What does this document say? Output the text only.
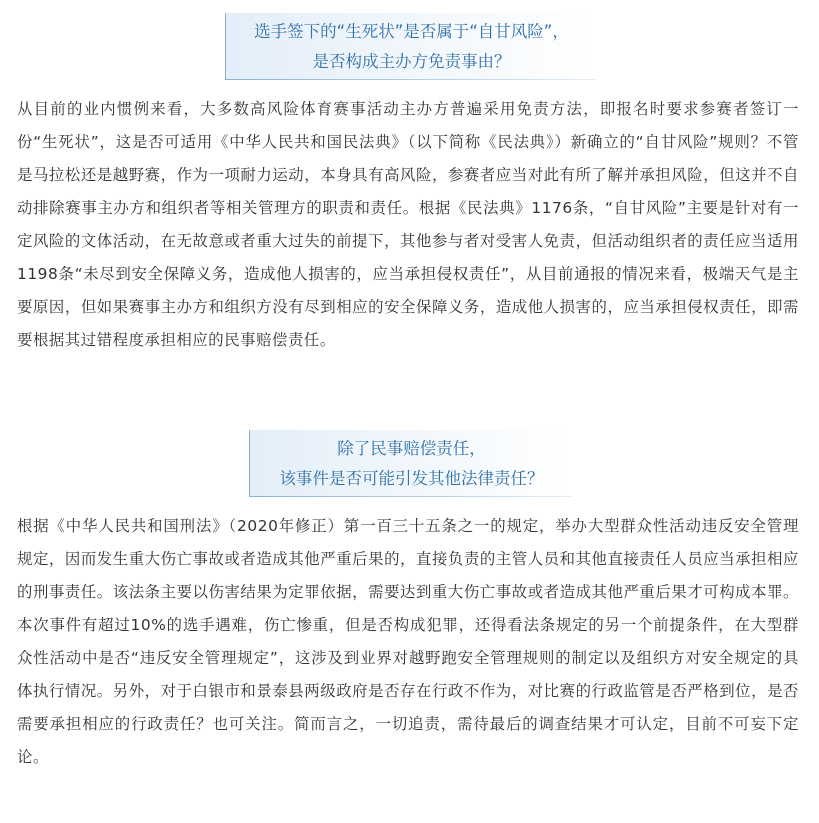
选手签下的“生死状”是否属于“自甘风险”，
是否构成主办方免责事由？

从目前的业内惯例来看，大多数高风险体育赛事活动主办方普遍采用免责方法，即报名时要求参赛者签订一份“生死状”，这是否可适用《中华人民共和国民法典》（以下简称《民法典》）新确立的“自甘风险”规则？不管是马拉松还是越野赛，作为一项耐力运动，本身具有高风险，参赛者应当对此有所了解并承担风险，但这并不自动排除赛事主办方和组织者等相关管理方的职责和责任。根据《民法典》1176条，“自甘风险”主要是针对有一定风险的文体活动，在无故意或者重大过失的前提下，其他参与者对受害人免责，但活动组织者的责任应当适用1198条“未尽到安全保障义务，造成他人损害的，应当承担侵权责任”，从目前通报的情况来看，极端天气是主要原因，但如果赛事主办方和组织方没有尽到相应的安全保障义务，造成他人损害的，应当承担侵权责任，即需要根据其过错程度承担相应的民事赔偿责任。

除了民事赔偿责任，
该事件是否可能引发其他法律责任？

根据《中华人民共和国刑法》（2020年修正）第一百三十五条之一的规定，举办大型群众性活动违反安全管理规定，因而发生重大伤亡事故或者造成其他严重后果的，直接负责的主管人员和其他直接责任人员应当承担相应的刑事责任。该法条主要以伤害结果为定罪依据，需要达到重大伤亡事故或者造成其他严重后果才可构成本罪。本次事件有超过10%的选手遇难，伤亡惨重，但是否构成犯罪，还得看法条规定的另一个前提条件，在大型群众性活动中是否“违反安全管理规定”，这涉及到业界对越野跑安全管理规则的制定以及组织方对安全规定的具体执行情况。另外，对于白银市和景泰县两级政府是否存在行政不作为，对比赛的行政监管是否严格到位，是否需要承担相应的行政责任？也可关注。简而言之，一切追责，需待最后的调查结果才可认定，目前不可妄下定论。
